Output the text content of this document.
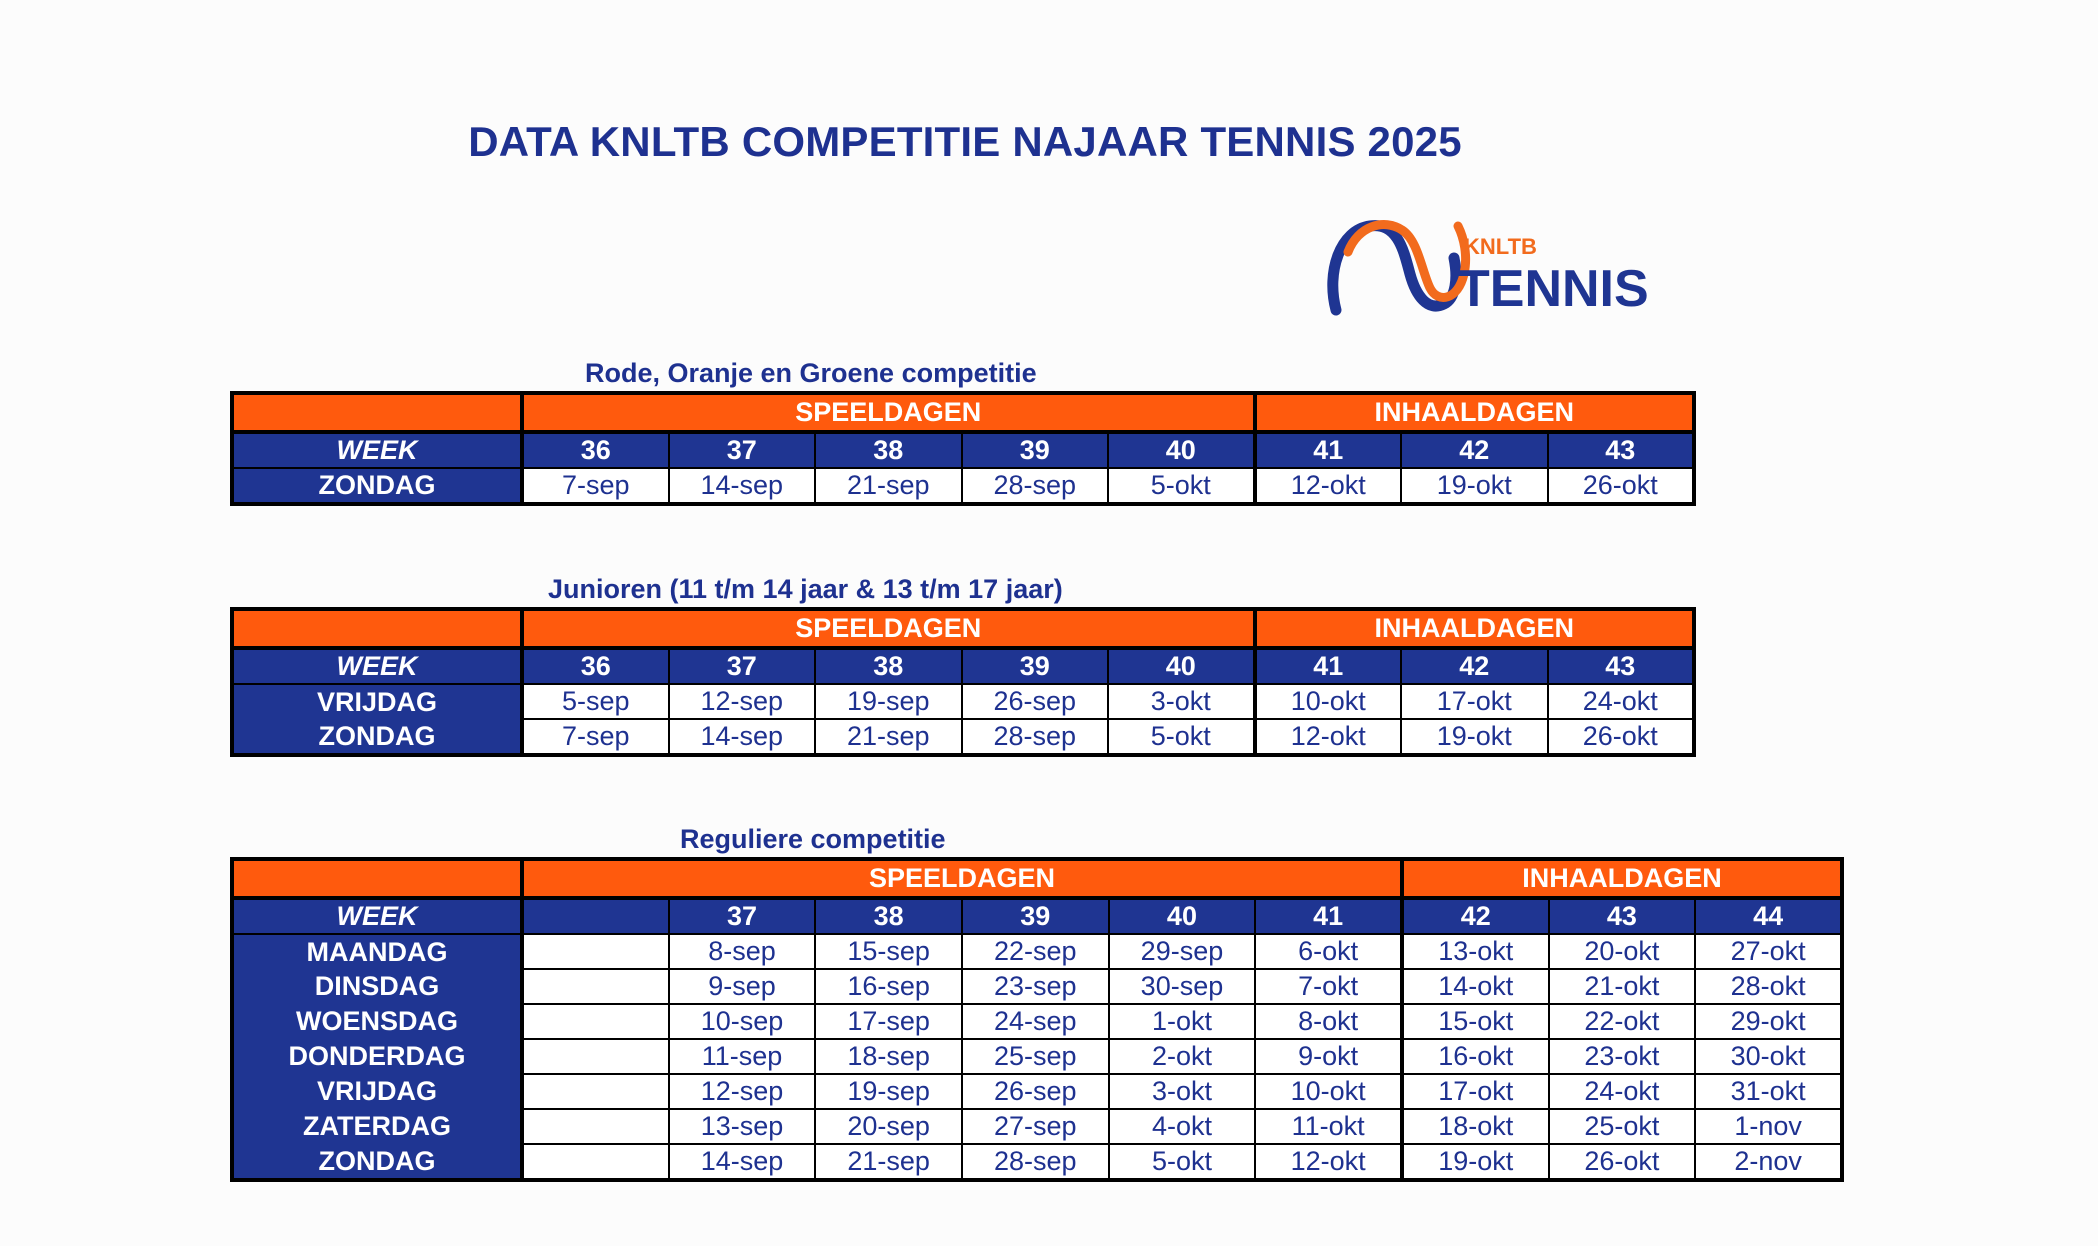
DATA KNLTB COMPETITIE NAJAAR TENNIS 2025
KNLTB
TENNIS
Rode, Oranje en Groene competitie
	SPEELDAGEN					INHAALDAGEN		
WEEK	36	37	38	39	40	41	42	43
ZONDAG	7-sep	14-sep	21-sep	28-sep	5-okt	12-okt	19-okt	26-okt
Junioren (11 t/m 14 jaar & 13 t/m 17 jaar)
	SPEELDAGEN					INHAALDAGEN		
WEEK	36	37	38	39	40	41	42	43
VRIJDAG	5-sep	12-sep	19-sep	26-sep	3-okt	10-okt	17-okt	24-okt
ZONDAG	7-sep	14-sep	21-sep	28-sep	5-okt	12-okt	19-okt	26-okt
Reguliere competitie
	SPEELDAGEN						INHAALDAGEN		
WEEK		37	38	39	40	41	42	43	44
MAANDAG		8-sep	15-sep	22-sep	29-sep	6-okt	13-okt	20-okt	27-okt
DINSDAG		9-sep	16-sep	23-sep	30-sep	7-okt	14-okt	21-okt	28-okt
WOENSDAG		10-sep	17-sep	24-sep	1-okt	8-okt	15-okt	22-okt	29-okt
DONDERDAG		11-sep	18-sep	25-sep	2-okt	9-okt	16-okt	23-okt	30-okt
VRIJDAG		12-sep	19-sep	26-sep	3-okt	10-okt	17-okt	24-okt	31-okt
ZATERDAG		13-sep	20-sep	27-sep	4-okt	11-okt	18-okt	25-okt	1-nov
ZONDAG		14-sep	21-sep	28-sep	5-okt	12-okt	19-okt	26-okt	2-nov
